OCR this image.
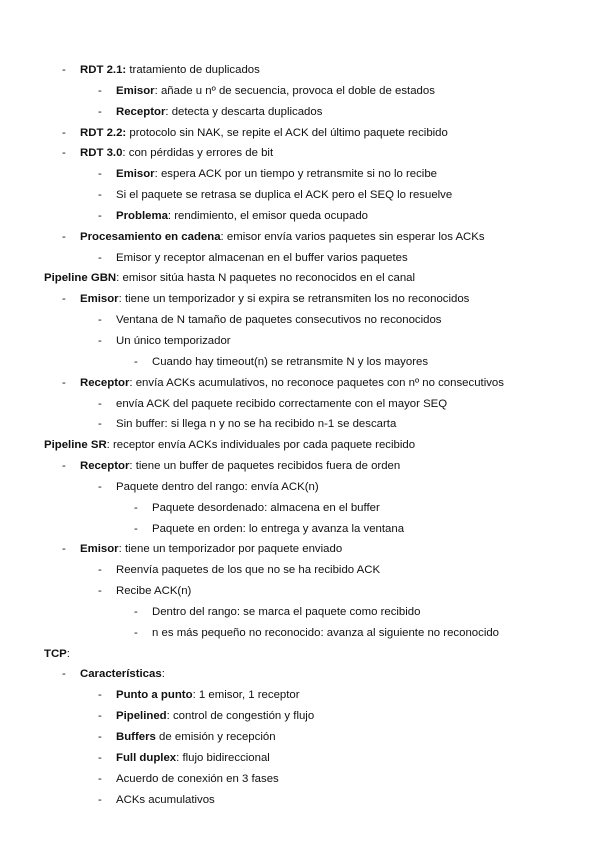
- RDT 2.1: tratamiento de duplicados
- Emisor: añade u nº de secuencia, provoca el doble de estados
- Receptor: detecta y descarta duplicados
- RDT 2.2: protocolo sin NAK, se repite el ACK del último paquete recibido
- RDT 3.0: con pérdidas y errores de bit
- Emisor: espera ACK por un tiempo y retransmite si no lo recibe
- Si el paquete se retrasa se duplica el ACK pero el SEQ lo resuelve
- Problema: rendimiento, el emisor queda ocupado
- Procesamiento en cadena: emisor envía varios paquetes sin esperar los ACKs
- Emisor y receptor almacenan en el buffer varios paquetes
Pipeline GBN: emisor sitúa hasta N paquetes no reconocidos en el canal
- Emisor: tiene un temporizador y si expira se retransmiten los no reconocidos
- Ventana de N tamaño de paquetes consecutivos no reconocidos
- Un único temporizador
- Cuando hay timeout(n) se retransmite N y los mayores
- Receptor: envía ACKs acumulativos, no reconoce paquetes con nº no consecutivos
- envía ACK del paquete recibido correctamente con el mayor SEQ
- Sin buffer: si llega n y no se ha recibido n-1 se descarta
Pipeline SR: receptor envía ACKs individuales por cada paquete recibido
- Receptor: tiene un buffer de paquetes recibidos fuera de orden
- Paquete dentro del rango: envía ACK(n)
- Paquete desordenado: almacena en el buffer
- Paquete en orden: lo entrega y avanza la ventana
- Emisor: tiene un temporizador por paquete enviado
- Reenvía paquetes de los que no se ha recibido ACK
- Recibe ACK(n)
- Dentro del rango: se marca el paquete como recibido
- n es más pequeño no reconocido: avanza al siguiente no reconocido
TCP:
- Características:
- Punto a punto: 1 emisor, 1 receptor
- Pipelined: control de congestión y flujo
- Buffers de emisión y recepción
- Full duplex: flujo bidireccional
- Acuerdo de conexión en 3 fases
- ACKs acumulativos
